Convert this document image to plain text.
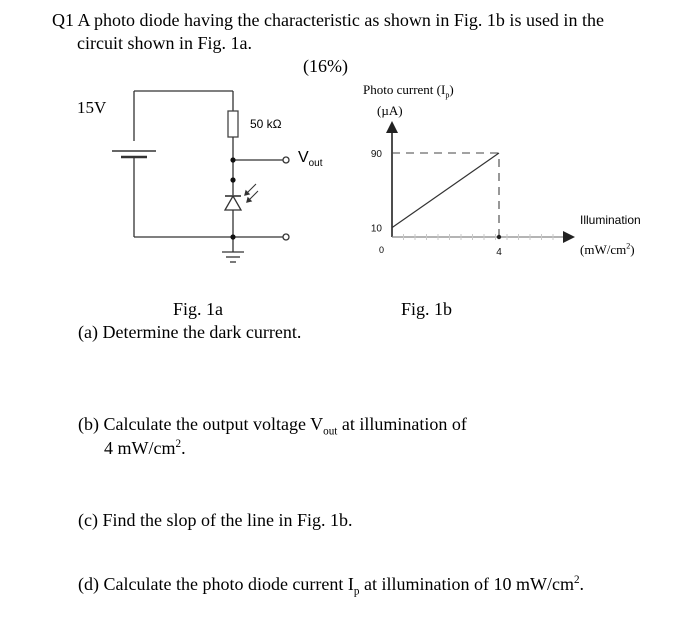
Q1 A photo diode having the characteristic as shown in Fig. 1b is used in the
circuit shown in Fig. 1a.
(16%)
90
10
4
15V
50 kΩ
$V_{out}$
Photo current $(I_p)$
(µA)
Illumination
$(mW/cm^2)$
0
Fig. 1a	Fig. 1b
(a) Determine the dark current.
(b) Calculate the output voltage $V_{out}$ at illumination of
4 $mW/cm^2$.
(c) Find the slop of the line in Fig. 1b.
(d) Calculate the photo diode current $I_p$ at illumination of 10 $mW/cm^2$.
